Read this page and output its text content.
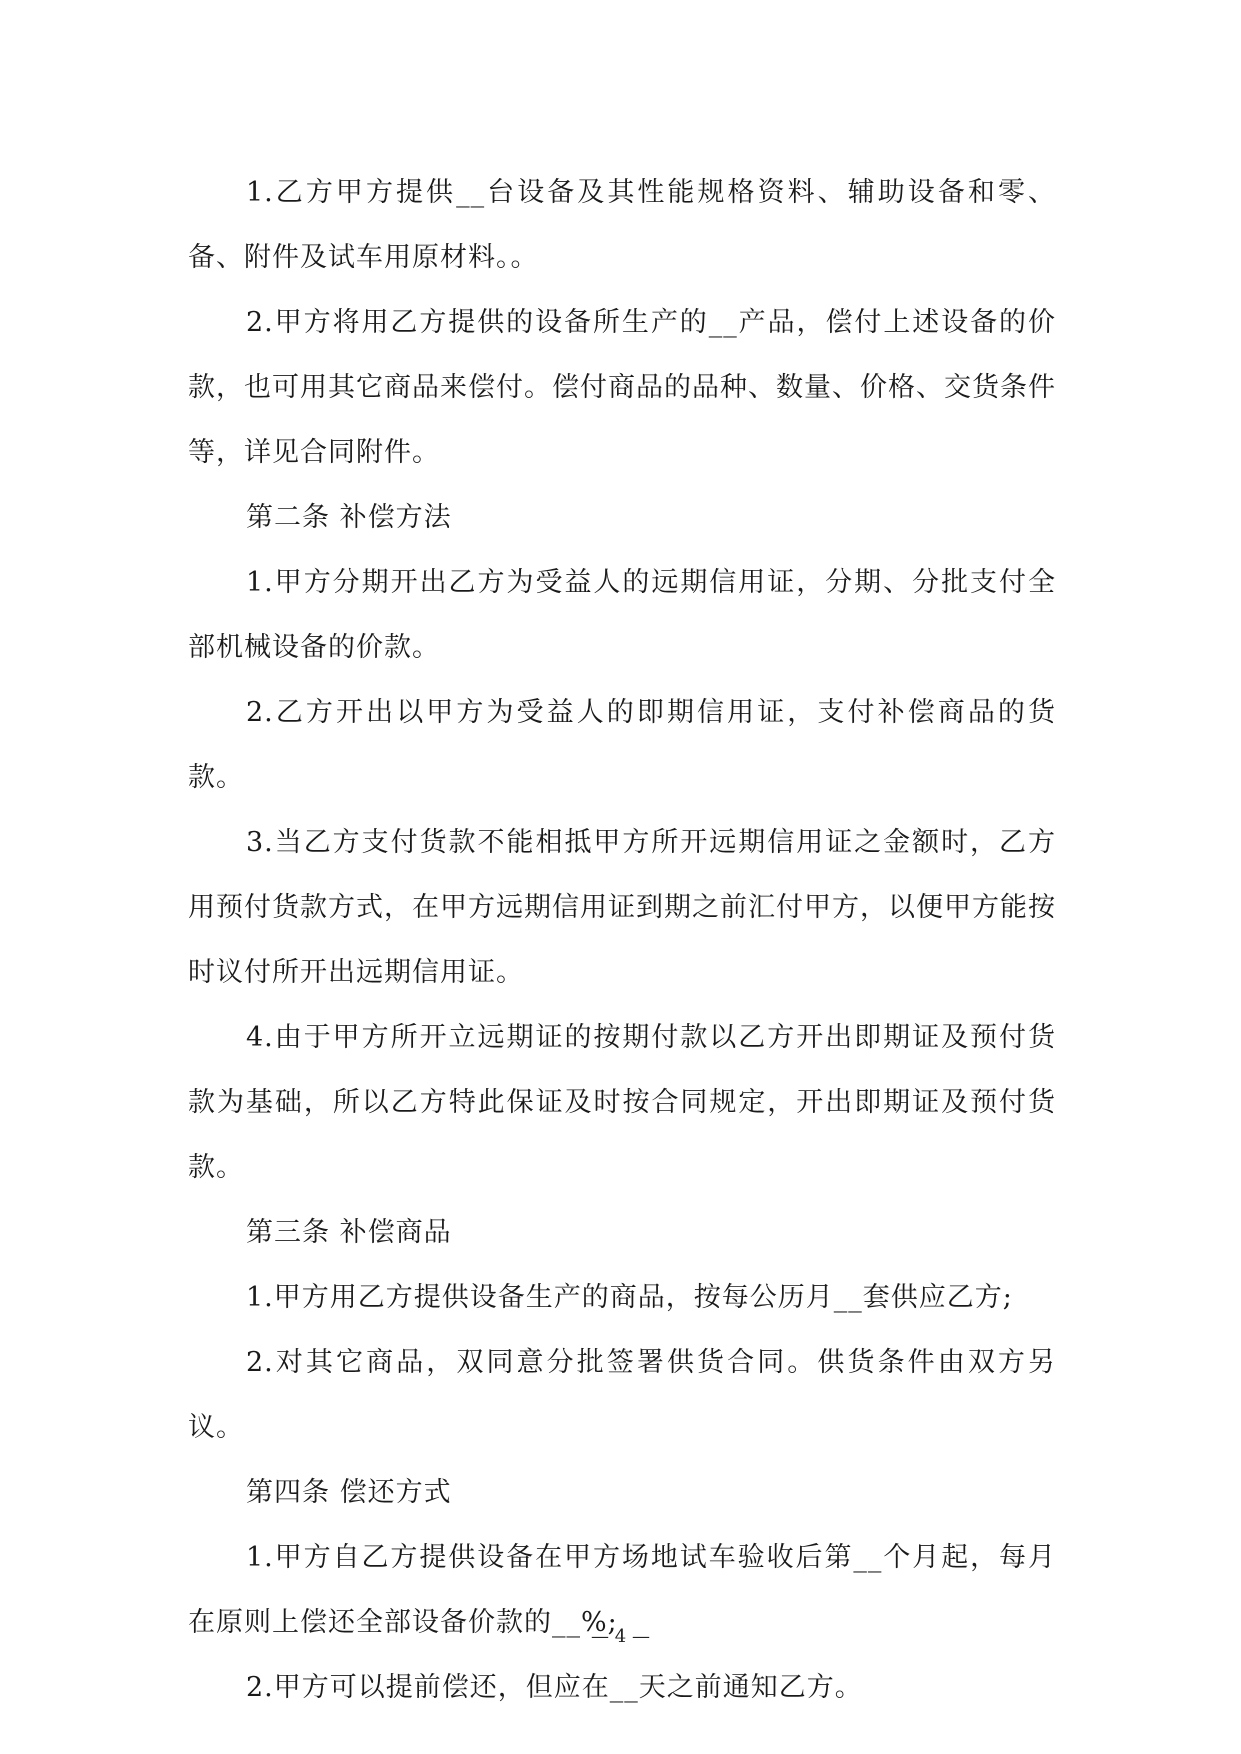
1.乙方甲方提供__台设备及其性能规格资料、辅助设备和零、备、附件及试车用原材料。。

2.甲方将用乙方提供的设备所生产的__产品，偿付上述设备的价款，也可用其它商品来偿付。偿付商品的品种、数量、价格、交货条件等，详见合同附件。

第二条 补偿方法

1.甲方分期开出乙方为受益人的远期信用证，分期、分批支付全部机械设备的价款。

2.乙方开出以甲方为受益人的即期信用证，支付补偿商品的货款。

3.当乙方支付货款不能相抵甲方所开远期信用证之金额时，乙方用预付货款方式，在甲方远期信用证到期之前汇付甲方，以便甲方能按时议付所开出远期信用证。

4.由于甲方所开立远期证的按期付款以乙方开出即期证及预付货款为基础，所以乙方特此保证及时按合同规定，开出即期证及预付货款。

第三条 补偿商品

1.甲方用乙方提供设备生产的商品，按每公历月__套供应乙方;

2.对其它商品，双同意分批签署供货合同。供货条件由双方另议。

第四条 偿还方式

1.甲方自乙方提供设备在甲方场地试车验收后第__个月起，每月在原则上偿还全部设备价款的__%;

2.甲方可以提前偿还，但应在__天之前通知乙方。

— 4 —
